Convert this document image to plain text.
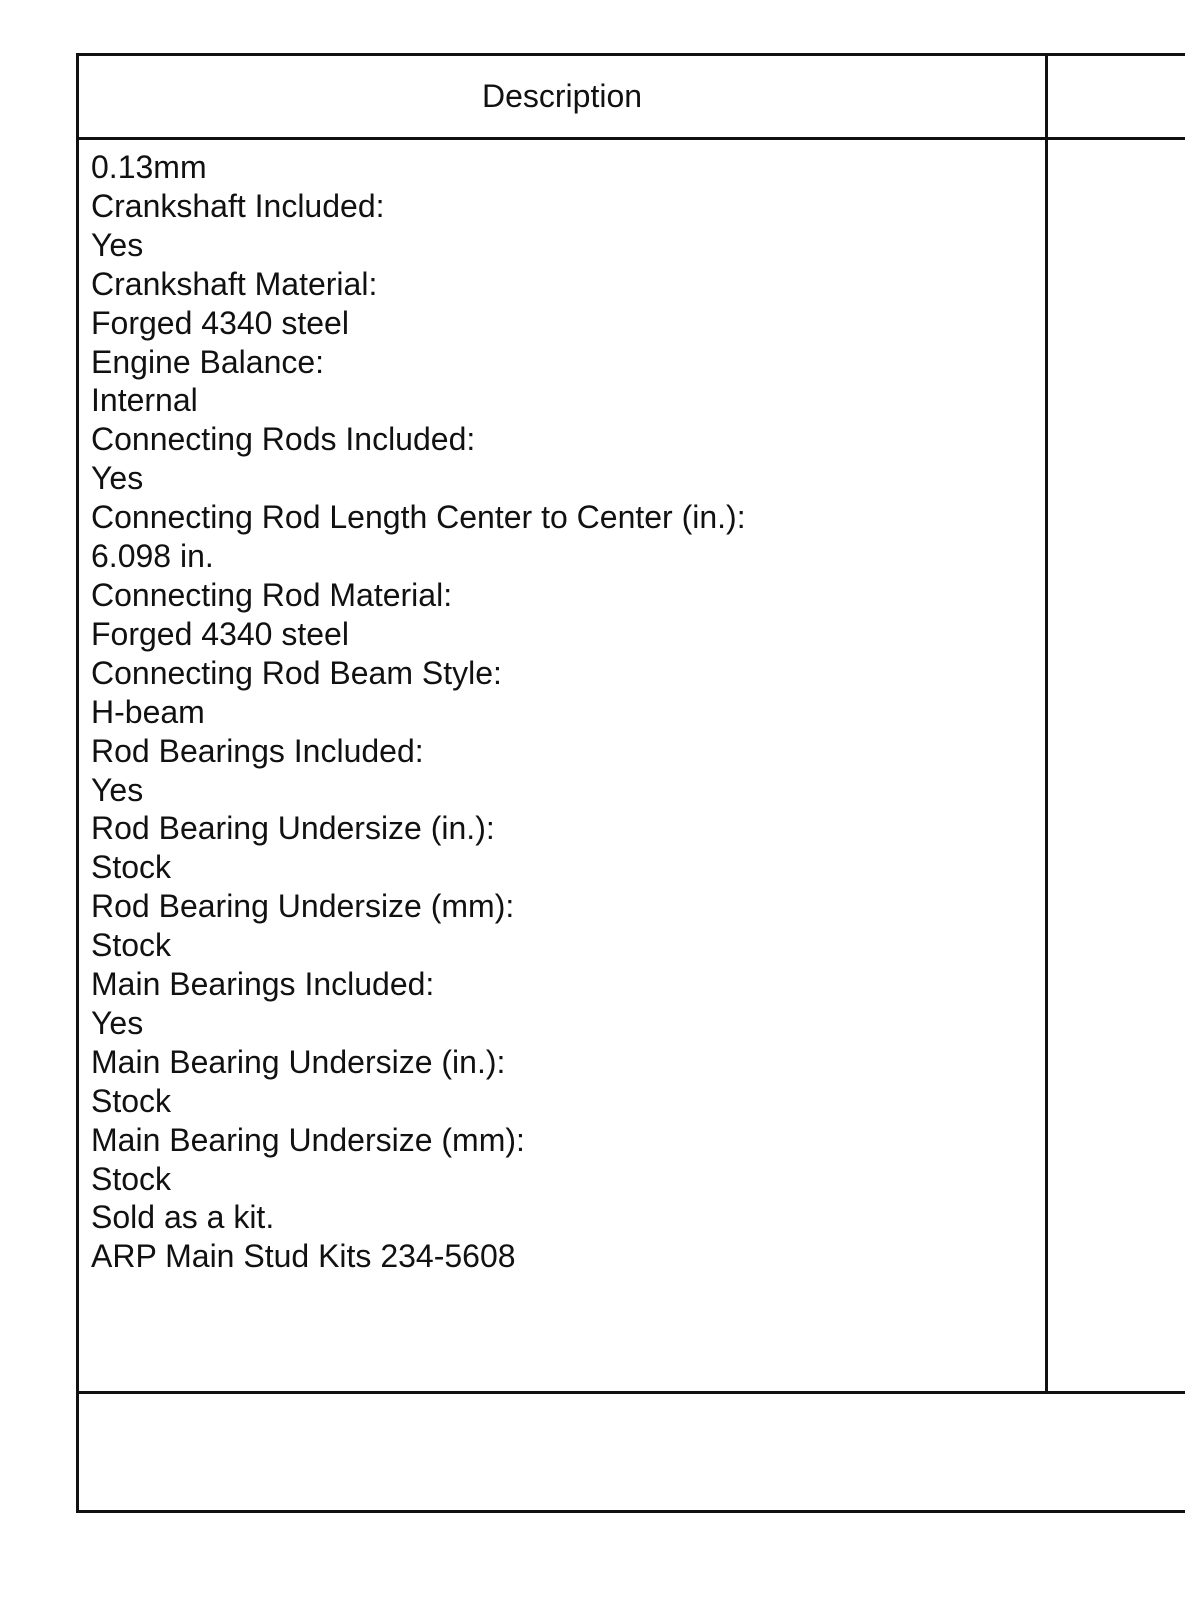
Description
0.13mm
Crankshaft Included:
Yes
Crankshaft Material:
Forged 4340 steel
Engine Balance:
Internal
Connecting Rods Included:
Yes
Connecting Rod Length Center to Center (in.):
6.098 in.
Connecting Rod Material:
Forged 4340 steel
Connecting Rod Beam Style:
H-beam
Rod Bearings Included:
Yes
Rod Bearing Undersize (in.):
Stock
Rod Bearing Undersize (mm):
Stock
Main Bearings Included:
Yes
Main Bearing Undersize (in.):
Stock
Main Bearing Undersize (mm):
Stock
Sold as a kit.
ARP Main Stud Kits 234-5608
